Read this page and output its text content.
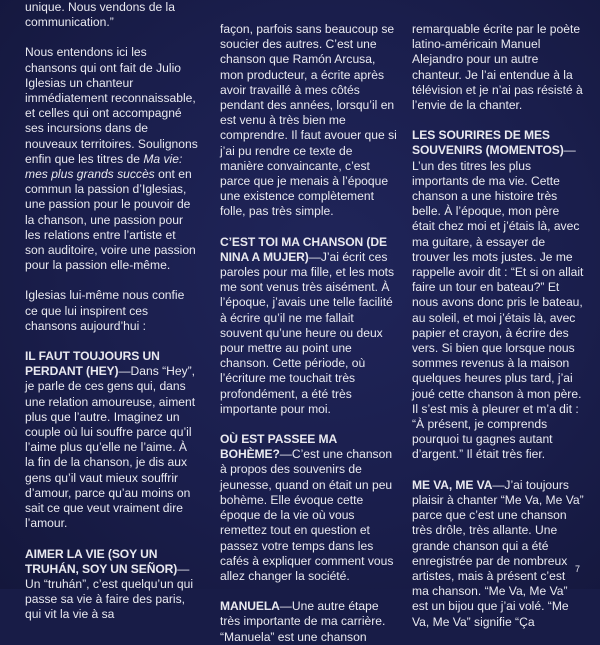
unique. Nous vendons de la communication.”

Nous entendons ici les chansons qui ont fait de Julio Iglesias un chanteur immédiatement reconnaissable, et celles qui ont accompagné ses incursions dans de nouveaux territoires. Soulignons enfin que les titres de Ma vie: mes plus grands succès ont en commun la passion d’Iglesias, une passion pour le pouvoir de la chanson, une passion pour les relations entre l’artiste et son auditoire, voire une passion pour la passion elle-même.

Iglesias lui-même nous confie ce que lui inspirent ces chansons aujourd’hui :

IL FAUT TOUJOURS UN PERDANT (HEY)—Dans “Hey”, je parle de ces gens qui, dans une relation amoureuse, aiment plus que l’autre. Imaginez un couple où lui souffre parce qu’il l’aime plus qu’elle ne l’aime. À la fin de la chanson, je dis aux gens qu’il vaut mieux souffrir d’amour, parce qu’au moins on sait ce que veut vraiment dire l’amour.

AIMER LA VIE (SOY UN TRUHÁN, SOY UN SEÑOR)—Un “truhán”, c’est quelqu’un qui passe sa vie à faire des paris, qui vit la vie à sa

façon, parfois sans beaucoup se soucier des autres. C’est une chanson que Ramón Arcusa, mon producteur, a écrite après avoir travaillé à mes côtés pendant des années, lorsqu’il en est venu à très bien me comprendre. Il faut avouer que si j’ai pu rendre ce texte de manière convaincante, c’est parce que je menais à l’époque une existence complètement folle, pas très simple.

C’EST TOI MA CHANSON (DE NINA A MUJER)—J’ai écrit ces paroles pour ma fille, et les mots me sont venus très aisément. À l’époque, j’avais une telle facilité à écrire qu’il ne me fallait souvent qu’une heure ou deux pour mettre au point une chanson. Cette période, où l’écriture me touchait très profondément, a été très importante pour moi.

OÙ EST PASSEE MA BOHÈME?—C’est une chanson à propos des souvenirs de jeunesse, quand on était un peu bohème. Elle évoque cette époque de la vie où vous remettez tout en question et passez votre temps dans les cafés à expliquer comment vous allez changer la société.

MANUELA—Une autre étape très importante de ma carrière. “Manuela” est une chanson

remarquable écrite par le poète latino-américain Manuel Alejandro pour un autre chanteur. Je l’ai entendue à la télévision et je n’ai pas résisté à l’envie de la chanter.

LES SOURIRES DE MES SOUVENIRS (MOMENTOS)—L’un des titres les plus importants de ma vie. Cette chanson a une histoire très belle. À l’époque, mon père était chez moi et j’étais là, avec ma guitare, à essayer de trouver les mots justes. Je me rappelle avoir dit : “Et si on allait faire un tour en bateau?” Et nous avons donc pris le bateau, au soleil, et moi j’étais là, avec papier et crayon, à écrire des vers. Si bien que lorsque nous sommes revenus à la maison quelques heures plus tard, j’ai joué cette chanson à mon père. Il s’est mis à pleurer et m’a dit : “À présent, je comprends pourquoi tu gagnes autant d’argent.” Il était très fier.

ME VA, ME VA—J’ai toujours plaisir à chanter “Me Va, Me Va” parce que c’est une chanson très drôle, très allante. Une grande chanson qui a été enregistrée par de nombreux artistes, mais à présent c’est ma chanson. “Me Va, Me Va” est un bijou que j’ai volé. “Me Va, Me Va” signifie “Ça

7
